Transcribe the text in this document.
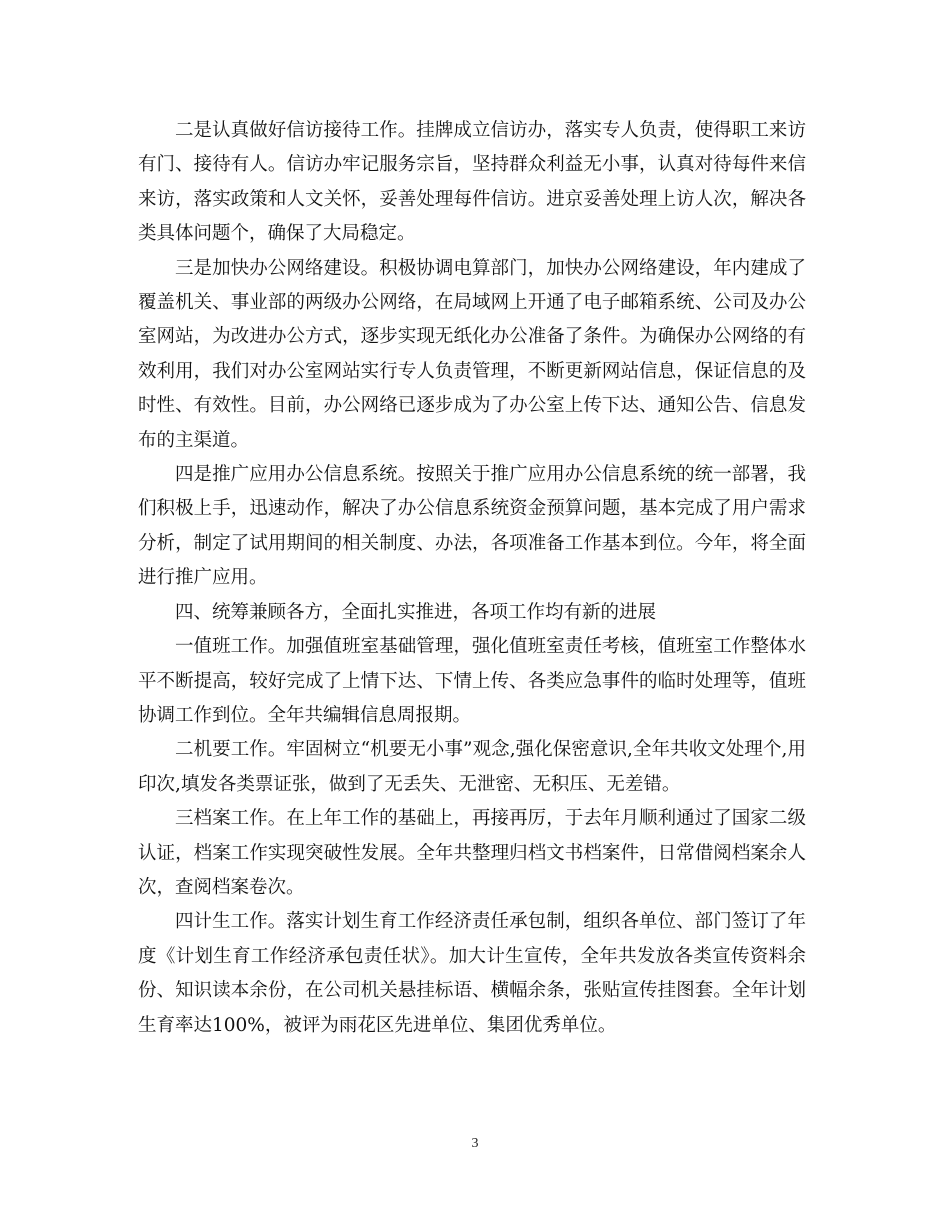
二是认真做好信访接待工作。挂牌成立信访办，落实专人负责，使得职工来访有门、接待有人。信访办牢记服务宗旨，坚持群众利益无小事，认真对待每件来信来访，落实政策和人文关怀，妥善处理每件信访。进京妥善处理上访人次，解决各类具体问题个，确保了大局稳定。

三是加快办公网络建设。积极协调电算部门，加快办公网络建设，年内建成了覆盖机关、事业部的两级办公网络，在局域网上开通了电子邮箱系统、公司及办公室网站，为改进办公方式，逐步实现无纸化办公准备了条件。为确保办公网络的有效利用，我们对办公室网站实行专人负责管理，不断更新网站信息，保证信息的及时性、有效性。目前，办公网络已逐步成为了办公室上传下达、通知公告、信息发布的主渠道。

四是推广应用办公信息系统。按照关于推广应用办公信息系统的统一部署，我们积极上手，迅速动作，解决了办公信息系统资金预算问题，基本完成了用户需求分析，制定了试用期间的相关制度、办法，各项准备工作基本到位。今年，将全面进行推广应用。

四、统筹兼顾各方，全面扎实推进，各项工作均有新的进展

一值班工作。加强值班室基础管理，强化值班室责任考核，值班室工作整体水平不断提高，较好完成了上情下达、下情上传、各类应急事件的临时处理等，值班协调工作到位。全年共编辑信息周报期。

二机要工作。牢固树立“机要无小事”观念,强化保密意识,全年共收文处理个,用印次,填发各类票证张，做到了无丢失、无泄密、无积压、无差错。

三档案工作。在上年工作的基础上，再接再厉，于去年月顺利通过了国家二级认证，档案工作实现突破性发展。全年共整理归档文书档案件，日常借阅档案余人次，查阅档案卷次。

四计生工作。落实计划生育工作经济责任承包制，组织各单位、部门签订了年度《计划生育工作经济承包责任状》。加大计生宣传，全年共发放各类宣传资料余份、知识读本余份，在公司机关悬挂标语、横幅余条，张贴宣传挂图套。全年计划生育率达100%，被评为雨花区先进单位、集团优秀单位。

3
